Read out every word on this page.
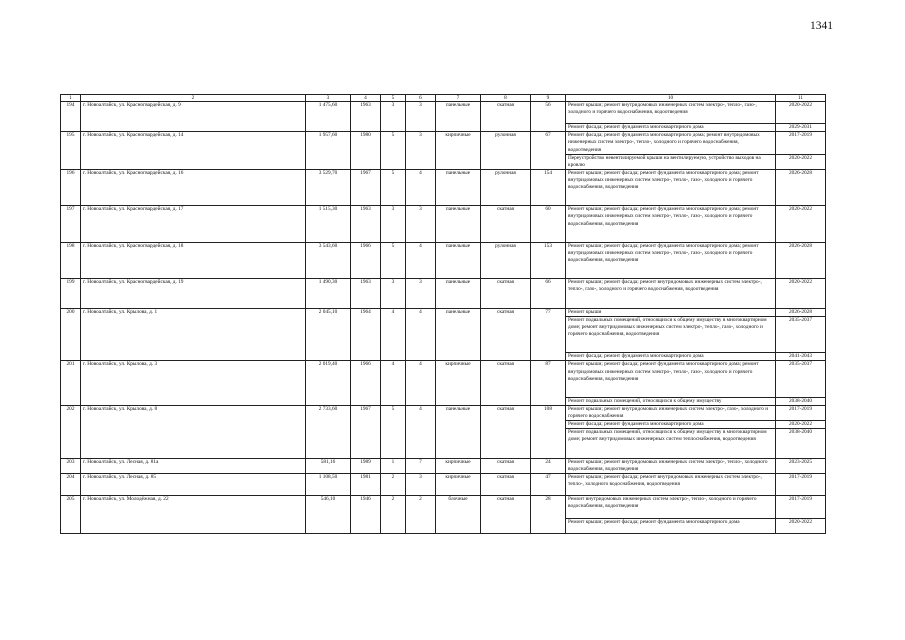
1341
1	2	3	4	5	6	7	8	9	10	11
194	г. Новоалтайск, ул. Красногвардейская, д. 9	1 475,60	1963	3	3	панельные	скатная	56	Ремонт крыши; ремонт внутридомовых инженерных систем электро-, тепло-, газо-, холодного и горячего водоснабжения, водоотведения	2020-2022
									Ремонт фасада; ремонт фундамента многоквартирного дома	2029-2031
195	г. Новоалтайск, ул. Красногвардейская, д. 14	1 957,60	1980	5	3	кирпичные	рулонная	67	Ремонт фасада; ремонт фундамента многоквартирного дома; ремонт внутридомовых инженерных систем электро-, тепло-, холодного и горячего водоснабжения, водоотведения	2017-2019
									Переустройство невентилируемой крыши на вентилируемую, устройство выходов на кровлю	2020-2022
196	г. Новоалтайск, ул. Красногвардейская, д. 16	3 529,70	1967	5	4	панельные	рулонная	154	Ремонт крыши; ремонт фасада; ремонт фундамента многоквартирного дома; ремонт внутридомовых инженерных систем электро-, тепло-, газо-, холодного и горячего водоснабжения, водоотведения	2026-2028
197	г. Новоалтайск, ул. Красногвардейская, д. 17	1 515,30	1963	3	3	панельные	скатная	60	Ремонт крыши; ремонт фасада; ремонт фундамента многоквартирного дома; ремонт внутридомовых инженерных систем электро-, тепло-, газо-, холодного и горячего водоснабжения, водоотведения	2020-2022
198	г. Новоалтайск, ул. Красногвардейская, д. 18	3 543,60	1966	5	4	панельные	рулонная	153	Ремонт крыши; ремонт фасада; ремонт фундамента многоквартирного дома; ремонт внутридомовых инженерных систем электро-, тепло-, газо-, холодного и горячего водоснабжения, водоотведения	2026-2028
199	г. Новоалтайск, ул. Красногвардейская, д. 19	1 490,30	1963	3	3	панельные	скатная	66	Ремонт крыши; ремонт фасада; ремонт внутридомовых инженерных систем электро-, тепло-, газо-, холодного и горячего водоснабжения, водоотведения	2020-2022
200	г. Новоалтайск, ул. Крылова, д. 1	2 045,10	1964	4	4	панельные	скатная	77	Ремонт крыши	2026-2028
									Ремонт подвальных помещений, относящихся к общему имуществу в многоквартирном доме; ремонт внутридомовых инженерных систем электро-, тепло-, газо-, холодного и горячего водоснабжения, водоотведения	2035-2037
									Ремонт фасада; ремонт фундамента многоквартирного дома	2041-2043
201	г. Новоалтайск, ул. Крылова, д. 3	2 019,40	1966	4	4	кирпичные	скатная	87	Ремонт крыши; ремонт фасада; ремонт фундамента многоквартирного дома; ремонт внутридомовых инженерных систем электро-, тепло-, газо-, холодного и горячего водоснабжения, водоотведения	2035-2037
									Ремонт подвальных помещений, относящихся к общему имуществу	2038-2040
202	г. Новоалтайск, ул. Крылова, д. 8	2 733,60	1967	5	4	панельные	скатная	108	Ремонт крыши; ремонт внутридомовых инженерных систем электро-, газо-, холодного и горячего водоснабжения	2017-2019
									Ремонт фасада; ремонт фундамента многоквартирного дома	2020-2022
									Ремонт подвальных помещений, относящихся к общему имуществу в многоквартирном доме; ремонт внутридомовых инженерных систем теплоснабжения, водоотведения	2038-2040
203	г. Новоалтайск, ул. Лесная, д. 81а	581,16	1989	1	7	кирпичные	скатная	24	Ремонт крыши; ремонт внутридомовых инженерных систем электро-, тепло-, холодного водоснабжения, водоотведения	2023-2025
204	г. Новоалтайск, ул. Лесная, д. 85	1 108,50	1981	2	3	кирпичные	скатная	47	Ремонт крыши; ремонт фасада; ремонт внутридомовых инженерных систем электро-, тепло-, холодного водоснабжения, водоотведения	2017-2019
205	г. Новоалтайск, ул. Молодёжная, д. 22	546,10	1946	2	2	блочные	скатная	28	Ремонт внутридомовых инженерных систем электро-, тепло-, холодного и горячего водоснабжения, водоотведения	2017-2019
									Ремонт крыши; ремонт фасада; ремонт фундамента многоквартирного дома	2020-2022
